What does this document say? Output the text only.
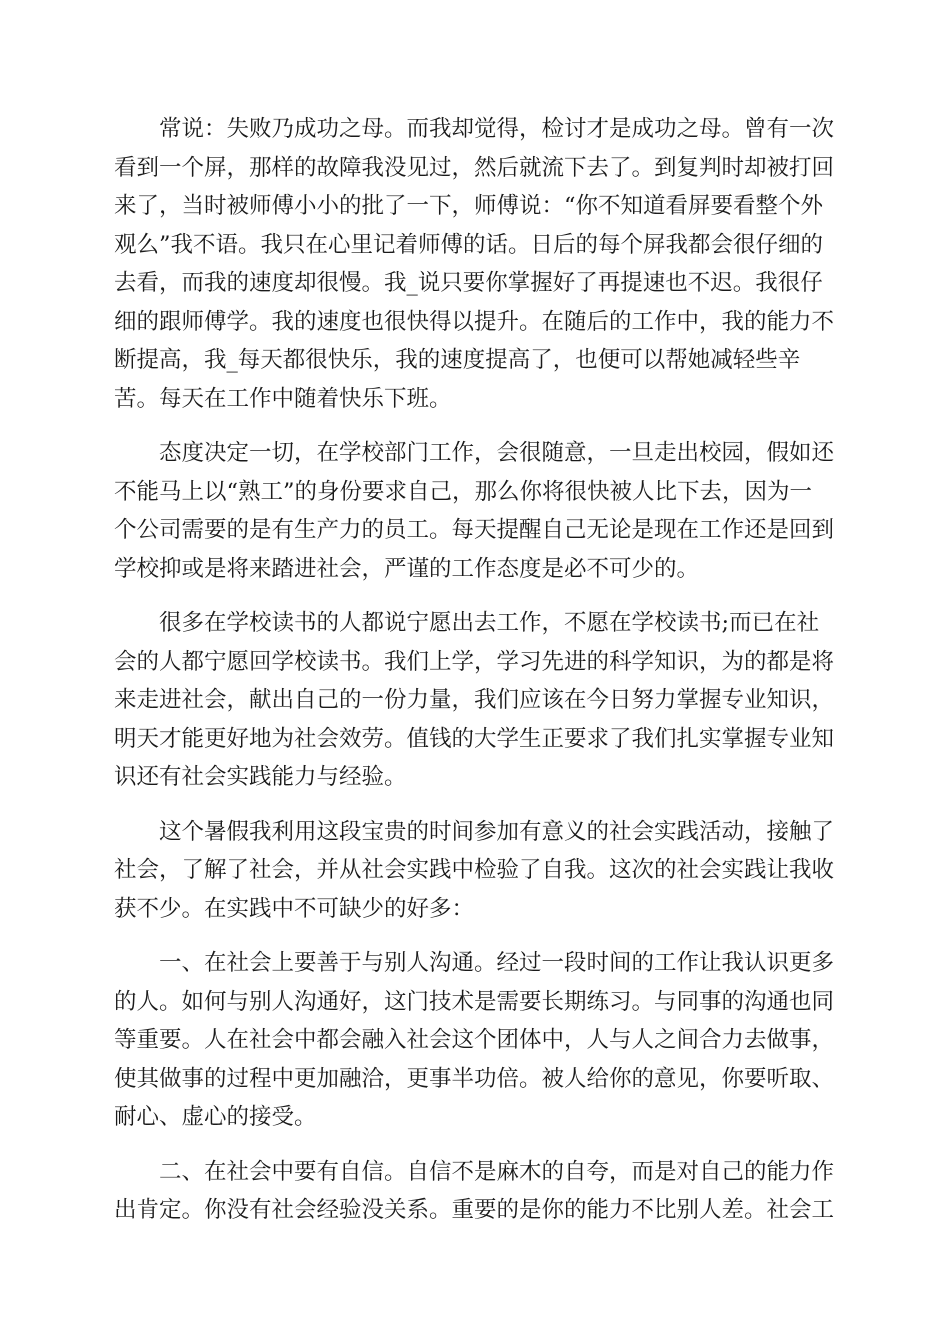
常说：失败乃成功之母。而我却觉得，检讨才是成功之母。曾有一次
看到一个屏，那样的故障我没见过，然后就流下去了。到复判时却被打回
来了，当时被师傅小小的批了一下，师傅说：“你不知道看屏要看整个外
观么”我不语。我只在心里记着师傅的话。日后的每个屏我都会很仔细的
去看，而我的速度却很慢。我_说只要你掌握好了再提速也不迟。我很仔
细的跟师傅学。我的速度也很快得以提升。在随后的工作中，我的能力不
断提高，我_每天都很快乐，我的速度提高了，也便可以帮她减轻些辛
苦。每天在工作中随着快乐下班。
态度决定一切，在学校部门工作，会很随意，一旦走出校园，假如还
不能马上以“熟工”的身份要求自己，那么你将很快被人比下去，因为一
个公司需要的是有生产力的员工。每天提醒自己无论是现在工作还是回到
学校抑或是将来踏进社会，严谨的工作态度是必不可少的。
很多在学校读书的人都说宁愿出去工作，不愿在学校读书;而已在社
会的人都宁愿回学校读书。我们上学，学习先进的科学知识，为的都是将
来走进社会，献出自己的一份力量，我们应该在今日努力掌握专业知识，
明天才能更好地为社会效劳。值钱的大学生正要求了我们扎实掌握专业知
识还有社会实践能力与经验。
这个暑假我利用这段宝贵的时间参加有意义的社会实践活动，接触了
社会，了解了社会，并从社会实践中检验了自我。这次的社会实践让我收
获不少。在实践中不可缺少的好多：
一、在社会上要善于与别人沟通。经过一段时间的工作让我认识更多
的人。如何与别人沟通好，这门技术是需要长期练习。与同事的沟通也同
等重要。人在社会中都会融入社会这个团体中，人与人之间合力去做事，
使其做事的过程中更加融洽，更事半功倍。被人给你的意见，你要听取、
耐心、虚心的接受。
二、在社会中要有自信。自信不是麻木的自夸，而是对自己的能力作
出肯定。你没有社会经验没关系。重要的是你的能力不比别人差。社会工
